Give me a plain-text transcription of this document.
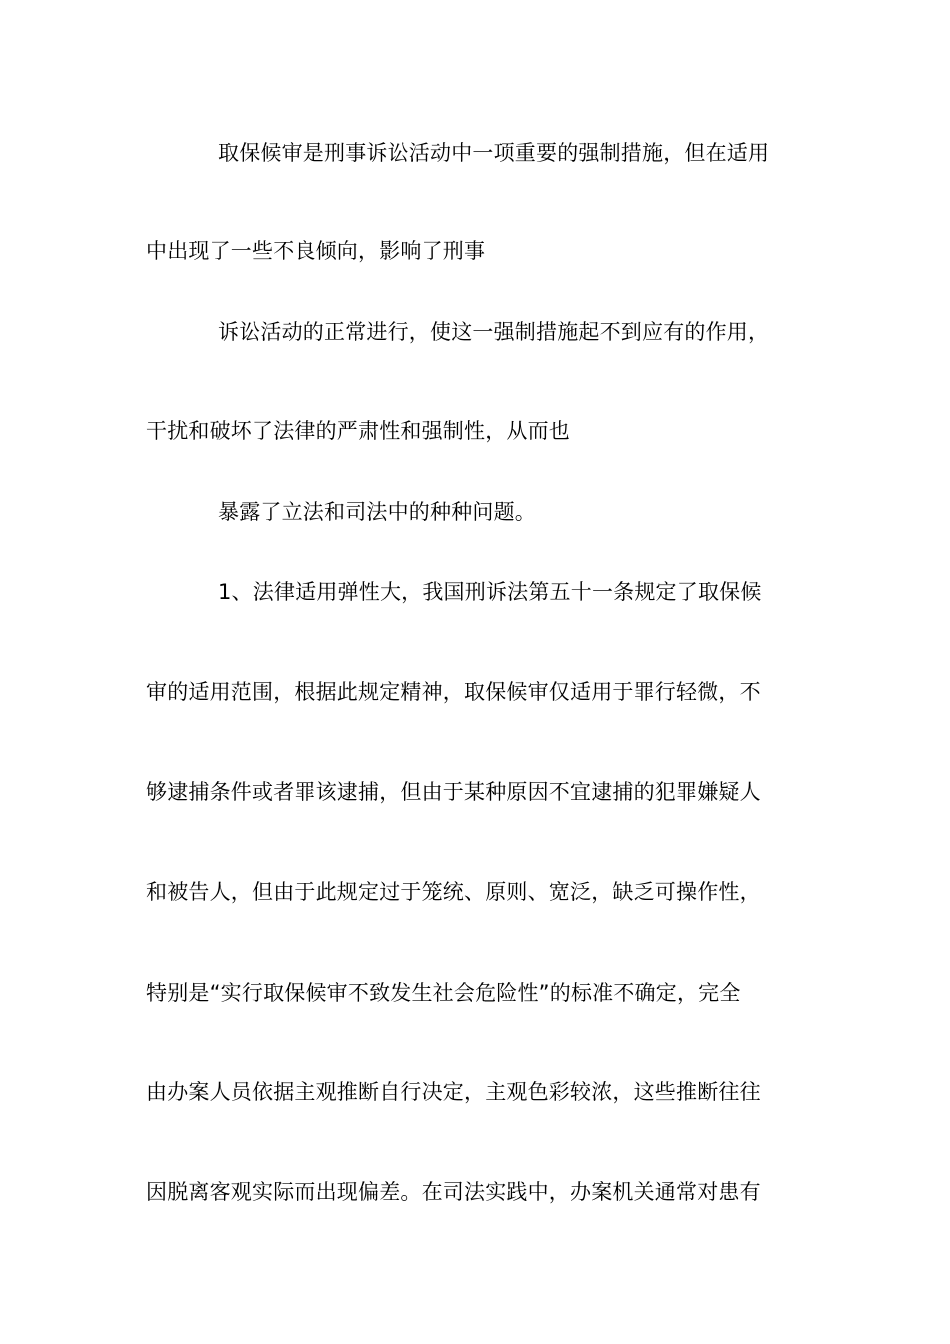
取保候审是刑事诉讼活动中一项重要的强制措施，但在适用
中出现了一些不良倾向，影响了刑事
诉讼活动的正常进行，使这一强制措施起不到应有的作用，
干扰和破坏了法律的严肃性和强制性，从而也
暴露了立法和司法中的种种问题。
1、法律适用弹性大，我国刑诉法第五十一条规定了取保候
审的适用范围，根据此规定精神，取保候审仅适用于罪行轻微，不
够逮捕条件或者罪该逮捕，但由于某种原因不宜逮捕的犯罪嫌疑人
和被告人，但由于此规定过于笼统、原则、宽泛，缺乏可操作性，
特别是“实行取保候审不致发生社会危险性”的标准不确定，完全
由办案人员依据主观推断自行决定，主观色彩较浓，这些推断往往
因脱离客观实际而出现偏差。在司法实践中，办案机关通常对患有
